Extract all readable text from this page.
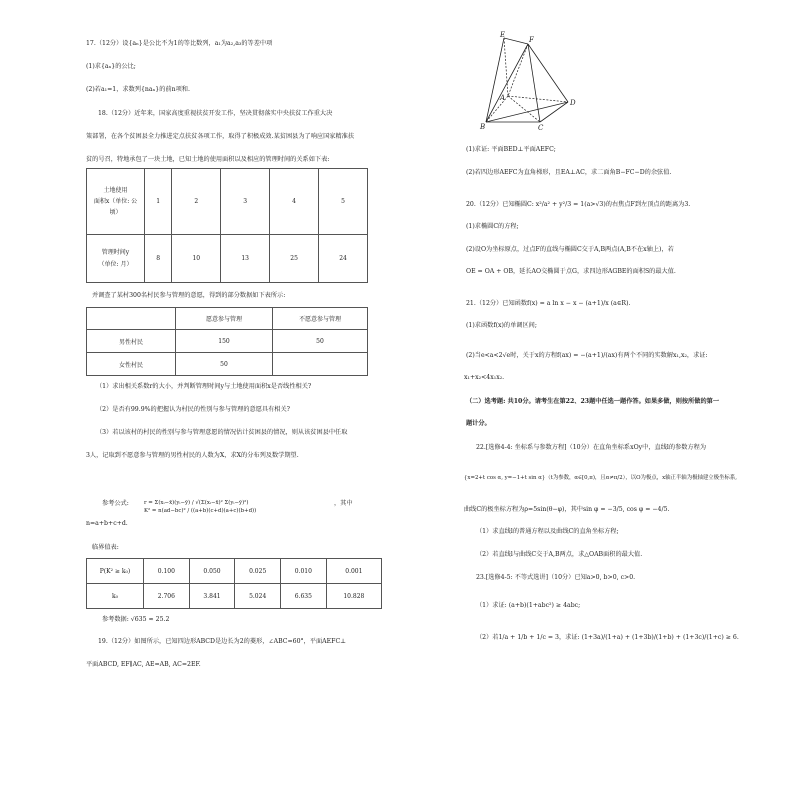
17.（12分）设{aₙ}是公比不为1的等比数列，a₁为a₂,a₃的等差中项
(1)求{aₙ}的公比;
(2)若a₁=1，求数列{naₙ}的前n项和.
18.（12分）近年来，国家高度重视扶贫开发工作，坚决贯彻落实中央扶贫工作重大决
策部署，在各个贫困县全力推进定点扶贫各项工作，取得了积极成效.某贫困县为了响应国家精准扶
贫的号召，特地承包了一块土地，已知土地的使用面积以及相应的管理时间的关系如下表:
土地使用
面积x（单位: 公
顷）	1	2	3	4	5

管理时间y
（单位: 月）	8	10	13	25	24
并调查了某村300名村民参与管理的意愿，得到的部分数据如下表所示:
	愿意参与管理	不愿意参与管理
男性村民	150	50
女性村民	50	
（1）求出相关系数r的大小，并判断管理时间y与土地使用面积x是否线性相关?
（2）是否有99.9%的把握认为村民的性别与参与管理的意愿具有相关?
（3）若以该村的村民的性别与参与管理意愿的情况估计贫困县的情况，则从该贫困县中任取
3人，记取到不愿意参与管理的男性村民的人数为X，求X的分布列及数学期望.
参考公式:	r = Σ(xᵢ−x̄)(yᵢ−ȳ) / √(Σ(xᵢ−x̄)² Σ(yᵢ−ȳ)²)
K² = n(ad−bc)² / ((a+b)(c+d)(a+c)(b+d))
，其中
n=a+b+c+d.
临界值表:
P(K² ≥ k₀)	0.100	0.050	0.025	0.010	0.001
k₀	2.706	3.841	5.024	6.635	10.828
参考数据: √635 ≈ 25.2
19.（12分）如图所示，已知四边形ABCD是边长为2的菱形，∠ABC=60°，平面AEFC⊥
平面ABCD, EF∥AC, AE=AB, AC=2EF.
E
F
A
D
B	C
(1)求证: 平面BED⊥平面AEFC;
(2)若四边形AEFC为直角梯形，且EA⊥AC，求二面角B−FC−D的余弦值.
20.（12分）已知椭圆C: x²/a² + y²/3 = 1(a>√3)的右焦点F到左顶点的距离为3.
(1)求椭圆C的方程;
(2)设O为坐标原点，过点F的直线与椭圆C交于A,B两点(A,B不在x轴上)，若
OE = OA + OB，延长AO交椭圆于点G，求四边形AGBE的面积S的最大值.
21.（12分）已知函数f(x) = a ln x − x − (a+1)/x (a∈R).
(1)求函数f(x)的单调区间;
(2)当e<a<2√e时，关于x的方程f(ax) = −(a+1)/(ax)有两个不同的实数解x₁,x₂，求证:
x₁+x₂<4x₁x₂.
（二）选考题: 共10分。请考生在第22、23题中任选一题作答。如果多做，则按所做的第一
题计分。
22.[选修4-4: 坐标系与参数方程]（10分）在直角坐标系xOy中，直线l的参数方程为
{x=2+t cos α, y=−1+t sin α}（t为参数，α∈[0,π)，且α≠π/2），以O为极点，x轴正半轴为极轴建立极坐标系,
曲线C的极坐标方程为ρ=5sin(θ−φ)，其中sin φ = −3/5, cos φ = −4/5.
（1）求直线l的普通方程以及曲线C的直角坐标方程;
（2）若直线l与曲线C交于A,B两点，求△OAB面积的最大值.
23.[选修4-5: 不等式选讲]（10分）已知a>0, b>0, c>0.
（1）求证: (a+b)(1+abc²) ≥ 4abc;
（2）若1/a + 1/b + 1/c = 3，求证: (1+3a)/(1+a) + (1+3b)/(1+b) + (1+3c)/(1+c) ≥ 6.
